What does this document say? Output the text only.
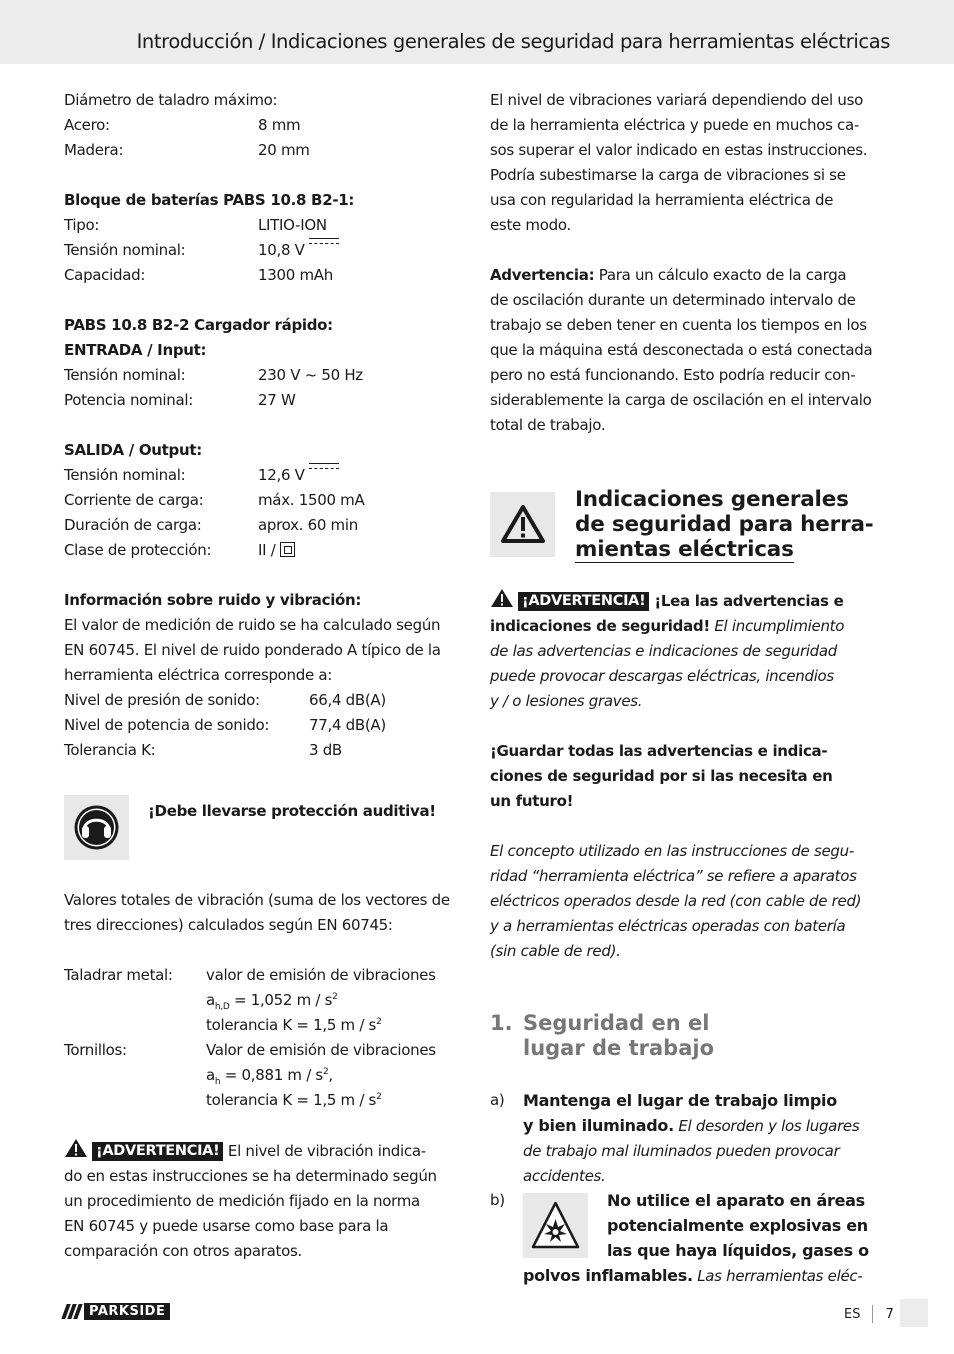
Introducción / Indicaciones generales de seguridad para herramientas eléctricas
Diámetro de taladro máximo:
Acero:	8 mm
Madera:	20 mm

Bloque de baterías PABS 10.8 B2-1:

Tipo:	LITIO-ION
Tensión nominal:	10,8 V
Capacidad:	1300 mAh

PABS 10.8 B2-2 Cargador rápido:

ENTRADA / Input:

Tensión nominal:	230 V ~ 50 Hz
Potencia nominal:	27 W

SALIDA / Output:

Tensión nominal:	12,6 V
Corriente de carga:	máx. 1500 mA
Duración de carga:	aprox. 60 min
Clase de protección:	II /

Información sobre ruido y vibración:

El valor de medición de ruido se ha calculado según EN 60745. El nivel de ruido ponderado A típico de la herramienta eléctrica corresponde a:

Nivel de presión de sonido:	66,4 dB(A)
Nivel de potencia de sonido:	77,4 dB(A)
Tolerancia K:	3 dB
¡Debe llevarse protección auditiva!

Valores totales de vibración (suma de los vectores de tres direcciones) calculados según EN 60745:

Taladrar metal:	valor de emisión de vibraciones
$a_{h,D} = 1,052$ m / $s^2$
tolerancia K = 1,5 m / $s^2$
Tornillos:	Valor de emisión de vibraciones
$a_h = 0,881$ m / $s^2$,
tolerancia K = 1,5 m / $s^2$

¡ADVERTENCIA! El nivel de vibración indica-

do en estas instrucciones se ha determinado según

un procedimiento de medición fijado en la norma

EN 60745 y puede usarse como base para la

comparación con otros aparatos.

El nivel de vibraciones variará dependiendo del uso

de la herramienta eléctrica y puede en muchos ca-

sos superar el valor indicado en estas instrucciones.

Podría subestimarse la carga de vibraciones si se

usa con regularidad la herramienta eléctrica de

este modo.

Advertencia: Para un cálculo exacto de la carga

de oscilación durante un determinado intervalo de

trabajo se deben tener en cuenta los tiempos en los

que la máquina está desconectada o está conectada

pero no está funcionando. Esto podría reducir con-

siderablemente la carga de oscilación en el intervalo

total de trabajo.

Indicaciones generales
de seguridad para herra-
mientas eléctricas

¡ADVERTENCIA! ¡Lea las advertencias e

indicaciones de seguridad! El incumplimiento

de las advertencias e indicaciones de seguridad

puede provocar descargas eléctricas, incendios

y / o lesiones graves.

¡Guardar todas las advertencias e indica-

ciones de seguridad por si las necesita en

un futuro!

El concepto utilizado en las instrucciones de segu-

ridad “herramienta eléctrica” se refiere a aparatos

eléctricos operados desde la red (con cable de red)

y a herramientas eléctricas operadas con batería

(sin cable de red).

1. Seguridad en el
lugar de trabajo
a) Mantenga el lugar de trabajo limpio
y bien iluminado. El desorden y los lugares
de trabajo mal iluminados pueden provocar
accidentes.
b)	No utilice el aparato en áreas
potencialmente explosivas en
las que haya líquidos, gases o
polvos inflamables. Las herramientas eléc-
PARKSIDE	ES 7
